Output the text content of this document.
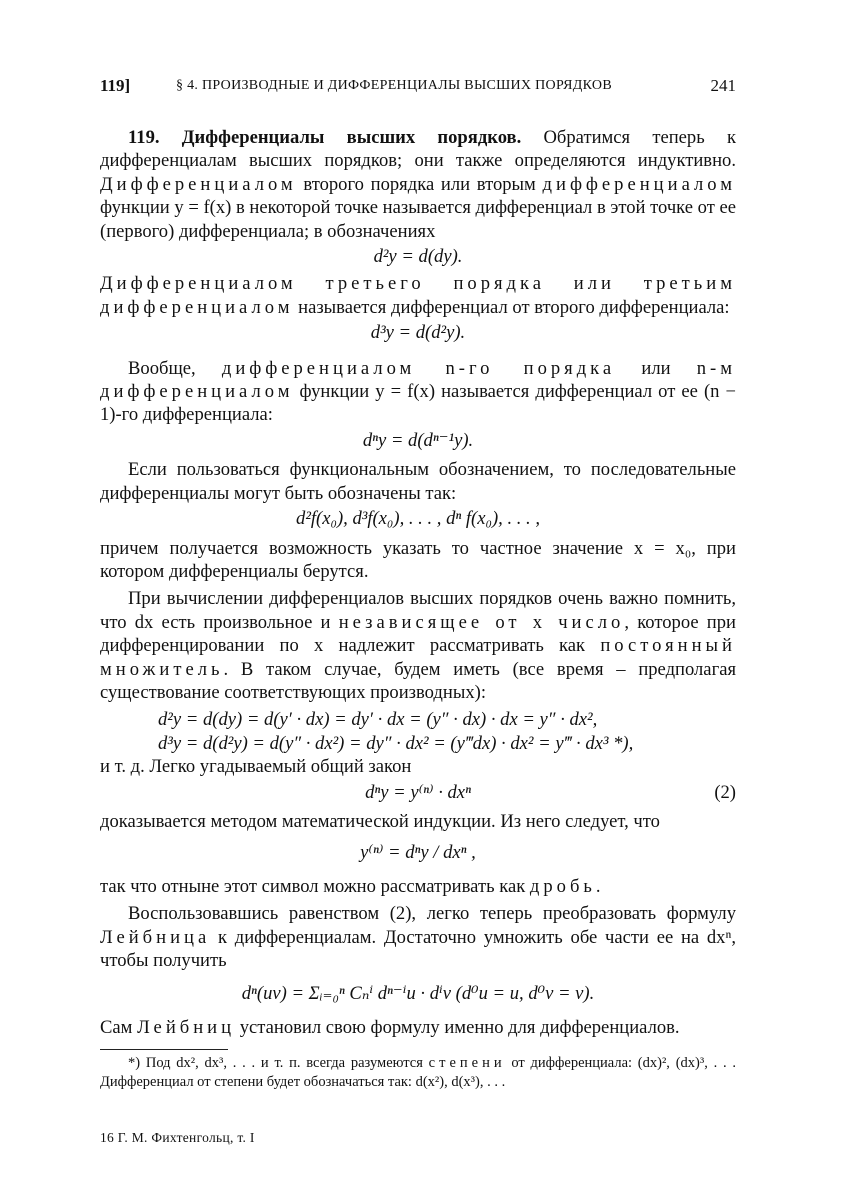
119]	§ 4. ПРОИЗВОДНЫЕ И ДИФФЕРЕНЦИАЛЫ ВЫСШИХ ПОРЯДКОВ	241

119. Дифференциалы высших порядков. Обратимся теперь к дифференциалам высших порядков; они также определяются индуктивно. Дифференциалом второго порядка или вторым дифференциалом функции y = f(x) в некоторой точке называется дифференциал в этой точке от ее (первого) дифференциала; в обозначениях

d²y = d(dy).

Дифференциалом третьего порядка или третьим дифференциалом называется дифференциал от второго дифференциала:

d³y = d(d²y).

Вообще, дифференциалом n-го порядка или n-м дифференциалом функции y = f(x) называется дифференциал от ее (n − 1)-го дифференциала:

dⁿy = d(dⁿ⁻¹y).

Если пользоваться функциональным обозначением, то последовательные дифференциалы могут быть обозначены так:

d²f(x₀), d³f(x₀), . . . , dⁿ f(x₀), . . . ,

причем получается возможность указать то частное значение x = x₀, при котором дифференциалы берутся.

При вычислении дифференциалов высших порядков очень важно помнить, что dx есть произвольное и независящее от x число, которое при дифференцировании по x надлежит рассматривать как постоянный множитель. В таком случае, будем иметь (все время – предполагая существование соответствующих производных):

d²y = d(dy) = d(y′ · dx) = dy′ · dx = (y″ · dx) · dx = y″ · dx²,
d³y = d(d²y) = d(y″ · dx²) = dy″ · dx² = (y‴dx) · dx² = y‴ · dx³ *),

и т. д. Легко угадываемый общий закон

dⁿy = y⁽ⁿ⁾ · dxⁿ	(2)

доказывается методом математической индукции. Из него следует, что

y⁽ⁿ⁾ = dⁿy / dxⁿ ,

так что отныне этот символ можно рассматривать как дробь.

Воспользовавшись равенством (2), легко теперь преобразовать формулу Лейбница к дифференциалам. Достаточно умножить обе части ее на dxⁿ, чтобы получить

dⁿ(uv) = Σᵢ₌₀ⁿ Cₙⁱ dⁿ⁻ⁱu · dⁱv (d⁰u = u, d⁰v = v).

Сам Лейбниц установил свою формулу именно для дифференциалов.

*) Под dx², dx³, . . . и т. п. всегда разумеются степени от дифференциала: (dx)², (dx)³, . . . Дифференциал от степени будет обозначаться так: d(x²), d(x³), . . .

16 Г. М. Фихтенгольц, т. I
